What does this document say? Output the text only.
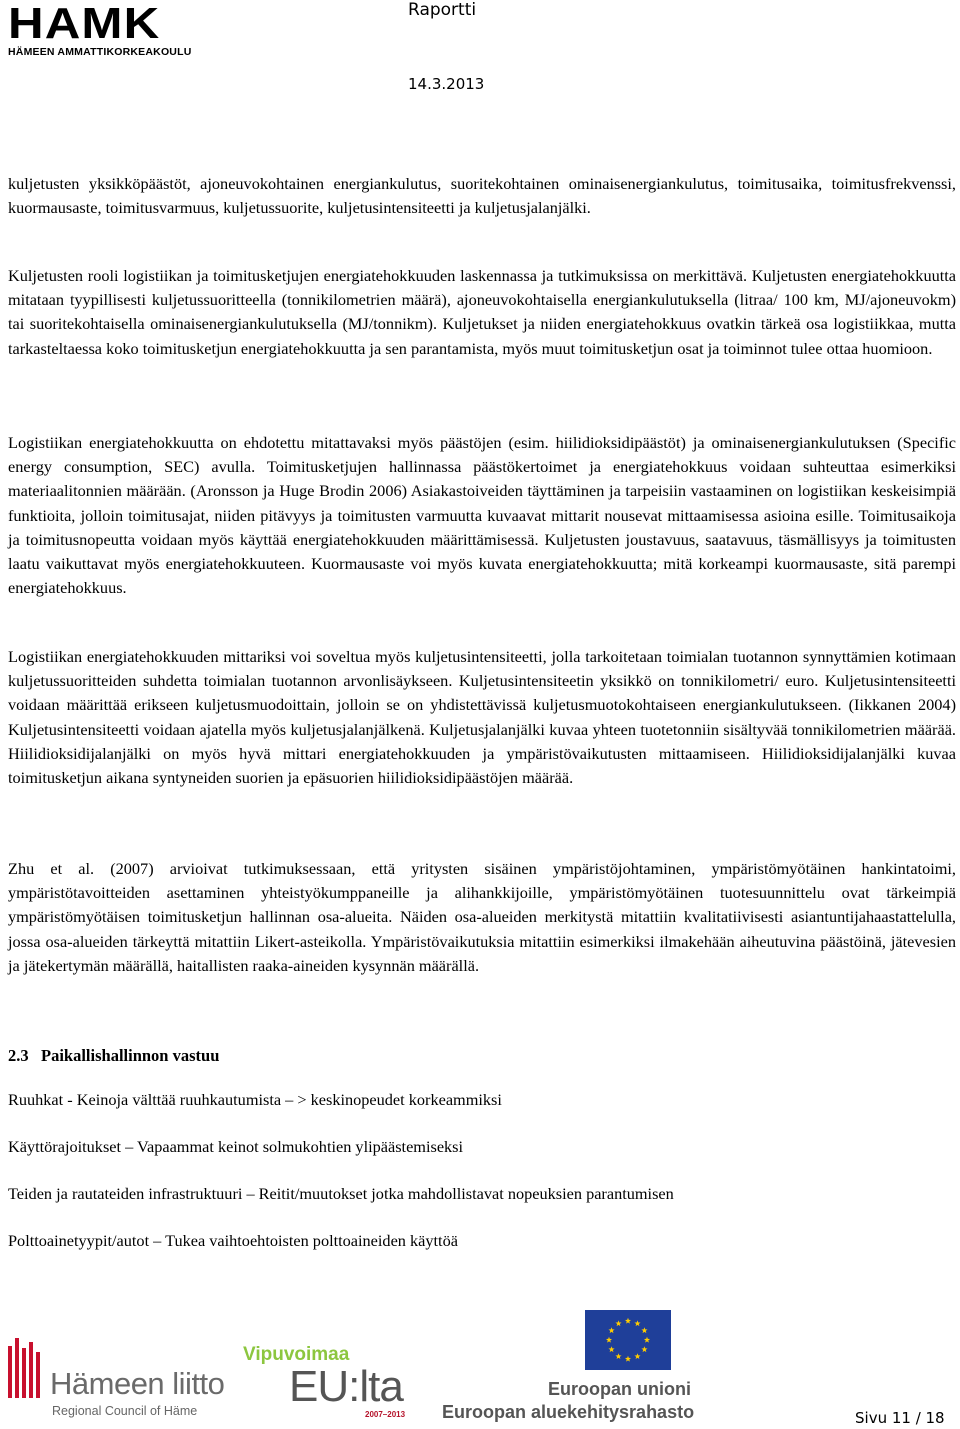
HAMK
HÄMEEN AMMATTIKORKEAKOULU
Raportti
14.3.2013

kuljetusten yksikköpäästöt, ajoneuvokohtainen energiankulutus, suoritekohtainen ominaisenergiankulutus, toimitusaika, toimitusfrekvenssi, kuormausaste, toimitusvarmuus, kuljetussuorite, kuljetusintensiteetti ja kuljetusjalanjälki.

Kuljetusten rooli logistiikan ja toimitusketjujen energiatehokkuuden laskennassa ja tutkimuksissa on merkittävä. Kuljetusten energiatehokkuutta mitataan tyypillisesti kuljetussuoritteella (tonnikilometrien määrä), ajoneuvokohtaisella energiankulutuksella (litraa/ 100 km, MJ/ajoneuvokm) tai suoritekohtaisella ominaisenergiankulutuksella (MJ/tonnikm). Kuljetukset ja niiden energiatehokkuus ovatkin tärkeä osa logistiikkaa, mutta tarkasteltaessa koko toimitusketjun energiatehokkuutta ja sen parantamista, myös muut toimitusketjun osat ja toiminnot tulee ottaa huomioon.

Logistiikan energiatehokkuutta on ehdotettu mitattavaksi myös päästöjen (esim. hiilidioksidipäästöt) ja ominaisenergiankulutuksen (Specific energy consumption, SEC) avulla. Toimitusketjujen hallinnassa päästökertoimet ja energiatehokkuus voidaan suhteuttaa esimerkiksi materiaalitonnien määrään. (Aronsson ja Huge Brodin 2006) Asiakastoiveiden täyttäminen ja tarpeisiin vastaaminen on logistiikan keskeisimpiä funktioita, jolloin toimitusajat, niiden pitävyys ja toimitusten varmuutta kuvaavat mittarit nousevat mittaamisessa asioina esille. Toimitusaikoja ja toimitusnopeutta voidaan myös käyttää energiatehokkuuden määrittämisessä. Kuljetusten joustavuus, saatavuus, täsmällisyys ja toimitusten laatu vaikuttavat myös energiatehokkuuteen. Kuormausaste voi myös kuvata energiatehokkuutta; mitä korkeampi kuormausaste, sitä parempi energiatehokkuus.

Logistiikan energiatehokkuuden mittariksi voi soveltua myös kuljetusintensiteetti, jolla tarkoitetaan toimialan tuotannon synnyttämien kotimaan kuljetussuoritteiden suhdetta toimialan tuotannon arvonlisäykseen. Kuljetusintensiteetin yksikkö on tonnikilometri/ euro. Kuljetusintensiteetti voidaan määrittää erikseen kuljetusmuodoittain, jolloin se on yhdistettävissä kuljetusmuotokohtaiseen energiankulutukseen. (Iikkanen 2004) Kuljetusintensiteetti voidaan ajatella myös kuljetusjalanjälkenä. Kuljetusjalanjälki kuvaa yhteen tuotetonniin sisältyvää tonnikilometrien määrää. Hiilidioksidijalanjälki on myös hyvä mittari energiatehokkuuden ja ympäristövaikutusten mittaamiseen. Hiilidioksidijalanjälki kuvaa toimitusketjun aikana syntyneiden suorien ja epäsuorien hiilidioksidipäästöjen määrää.

Zhu et al. (2007) arvioivat tutkimuksessaan, että yritysten sisäinen ympäristöjohtaminen, ympäristömyötäinen hankintatoimi, ympäristötavoitteiden asettaminen yhteistyökumppaneille ja alihankkijoille, ympäristömyötäinen tuotesuunnittelu ovat tärkeimpiä ympäristömyötäisen toimitusketjun hallinnan osa-alueita. Näiden osa-alueiden merkitystä mitattiin kvalitatiivisesti asiantuntijahaastattelulla, jossa osa-alueiden tärkeyttä mitattiin Likert-asteikolla. Ympäristövaikutuksia mitattiin esimerkiksi ilmakehään aiheutuvina päästöinä, jätevesien ja jätekertymän määrällä, haitallisten raaka-aineiden kysynnän määrällä.

2.3 Paikallishallinnon vastuu
Ruuhkat - Keinoja välttää ruuhkautumista – > keskinopeudet korkeammiksi
Käyttörajoitukset – Vapaammat keinot solmukohtien ylipäästemiseksi
Teiden ja rautateiden infrastruktuuri – Reitit/muutokset jotka mahdollistavat nopeuksien parantumisen
Polttoainetyypit/autot – Tukea vaihtoehtoisten polttoaineiden käyttöä
Hämeen liitto
Regional Council of Häme
Vipuvoimaa
EU:lta
2007–2013
Euroopan unioni
Euroopan aluekehitysrahasto	Sivu 11 / 18
